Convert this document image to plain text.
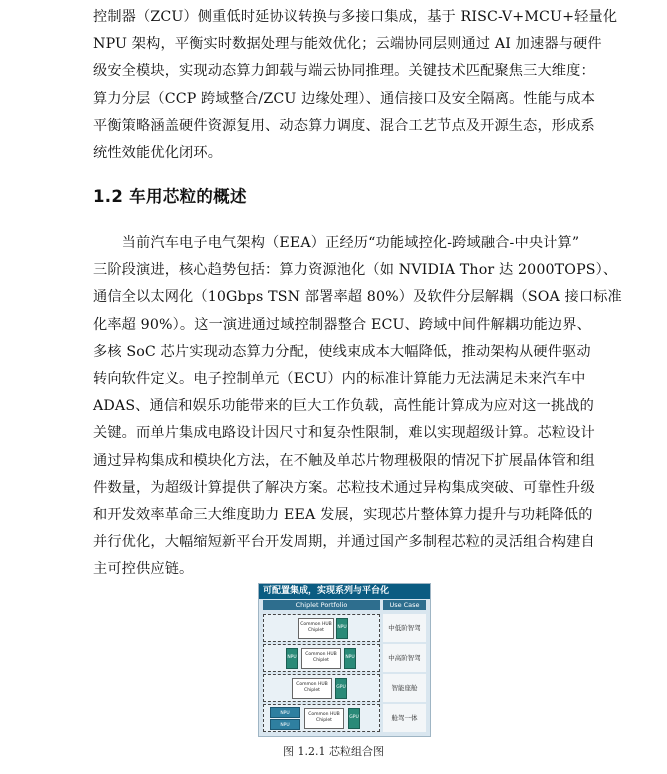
控制器（ZCU）侧重低时延协议转换与多接口集成，基于 RISC-V+MCU+轻量化
NPU 架构，平衡实时数据处理与能效优化；云端协同层则通过 AI 加速器与硬件
级安全模块，实现动态算力卸载与端云协同推理。关键技术匹配聚焦三大维度：
算力分层（CCP 跨域整合/ZCU 边缘处理）、通信接口及安全隔离。性能与成本
平衡策略涵盖硬件资源复用、动态算力调度、混合工艺节点及开源生态，形成系
统性效能优化闭环。

1.2 车用芯粒的概述

　　当前汽车电子电气架构（EEA）正经历“功能域控化-跨域融合-中央计算”
三阶段演进，核心趋势包括：算力资源池化（如 NVIDIA Thor 达 2000TOPS）、
通信全以太网化（10Gbps TSN 部署率超 80%）及软件分层解耦（SOA 接口标准
化率超 90%）。这一演进通过域控制器整合 ECU、跨域中间件解耦功能边界、
多核 SoC 芯片实现动态算力分配，使线束成本大幅降低，推动架构从硬件驱动
转向软件定义。电子控制单元（ECU）内的标准计算能力无法满足未来汽车中
ADAS、通信和娱乐功能带来的巨大工作负载，高性能计算成为应对这一挑战的
关键。而单片集成电路设计因尺寸和复杂性限制，难以实现超级计算。芯粒设计
通过异构集成和模块化方法，在不触及单芯片物理极限的情况下扩展晶体管和组
件数量，为超级计算提供了解决方案。芯粒技术通过异构集成突破、可靠性升级
和开发效率革命三大维度助力 EEA 发展，实现芯片整体算力提升与功耗降低的
并行优化，大幅缩短新平台开发周期，并通过国产多制程芯粒的灵活组合构建自
主可控供应链。

可配置集成，实现系列与平台化
Chiplet Portfolio	Use Case
Common HUB Chiplet	NPU	中低阶智驾
NPU
Common HUB Chiplet	NPU	中高阶智驾
Common HUB Chiplet	GPU	智能座舱
NPU
NPU
Common HUB Chiplet	GPU	舱驾一体

图 1.2.1 芯粒组合图
